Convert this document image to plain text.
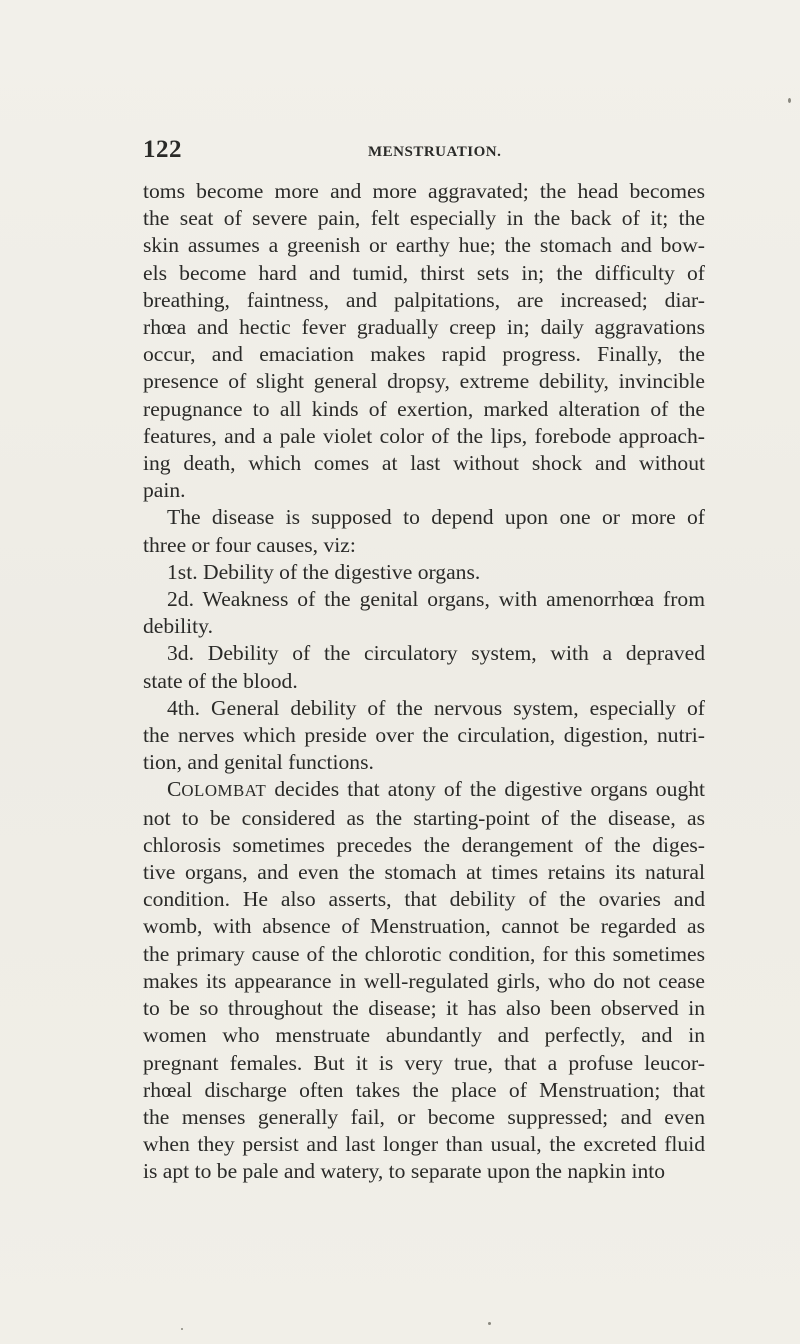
122	MENSTRUATION.
toms become more and more aggravated; the head becomes
the seat of severe pain, felt especially in the back of it; the
skin assumes a greenish or earthy hue; the stomach and bow-
els become hard and tumid, thirst sets in; the difficulty of
breathing, faintness, and palpitations, are increased; diar-
rhœa and hectic fever gradually creep in; daily aggravations
occur, and emaciation makes rapid progress. Finally, the
presence of slight general dropsy, extreme debility, invincible
repugnance to all kinds of exertion, marked alteration of the
features, and a pale violet color of the lips, forebode approach-
ing death, which comes at last without shock and without
pain.
The disease is supposed to depend upon one or more of
three or four causes, viz:
1st. Debility of the digestive organs.
2d. Weakness of the genital organs, with amenorrhœa from
debility.
3d. Debility of the circulatory system, with a depraved
state of the blood.
4th. General debility of the nervous system, especially of
the nerves which preside over the circulation, digestion, nutri-
tion, and genital functions.
COLOMBAT decides that atony of the digestive organs ought
not to be considered as the starting-point of the disease, as
chlorosis sometimes precedes the derangement of the diges-
tive organs, and even the stomach at times retains its natural
condition. He also asserts, that debility of the ovaries and
womb, with absence of Menstruation, cannot be regarded as
the primary cause of the chlorotic condition, for this sometimes
makes its appearance in well-regulated girls, who do not cease
to be so throughout the disease; it has also been observed in
women who menstruate abundantly and perfectly, and in
pregnant females. But it is very true, that a profuse leucor-
rhœal discharge often takes the place of Menstruation; that
the menses generally fail, or become suppressed; and even
when they persist and last longer than usual, the excreted fluid
is apt to be pale and watery, to separate upon the napkin into
